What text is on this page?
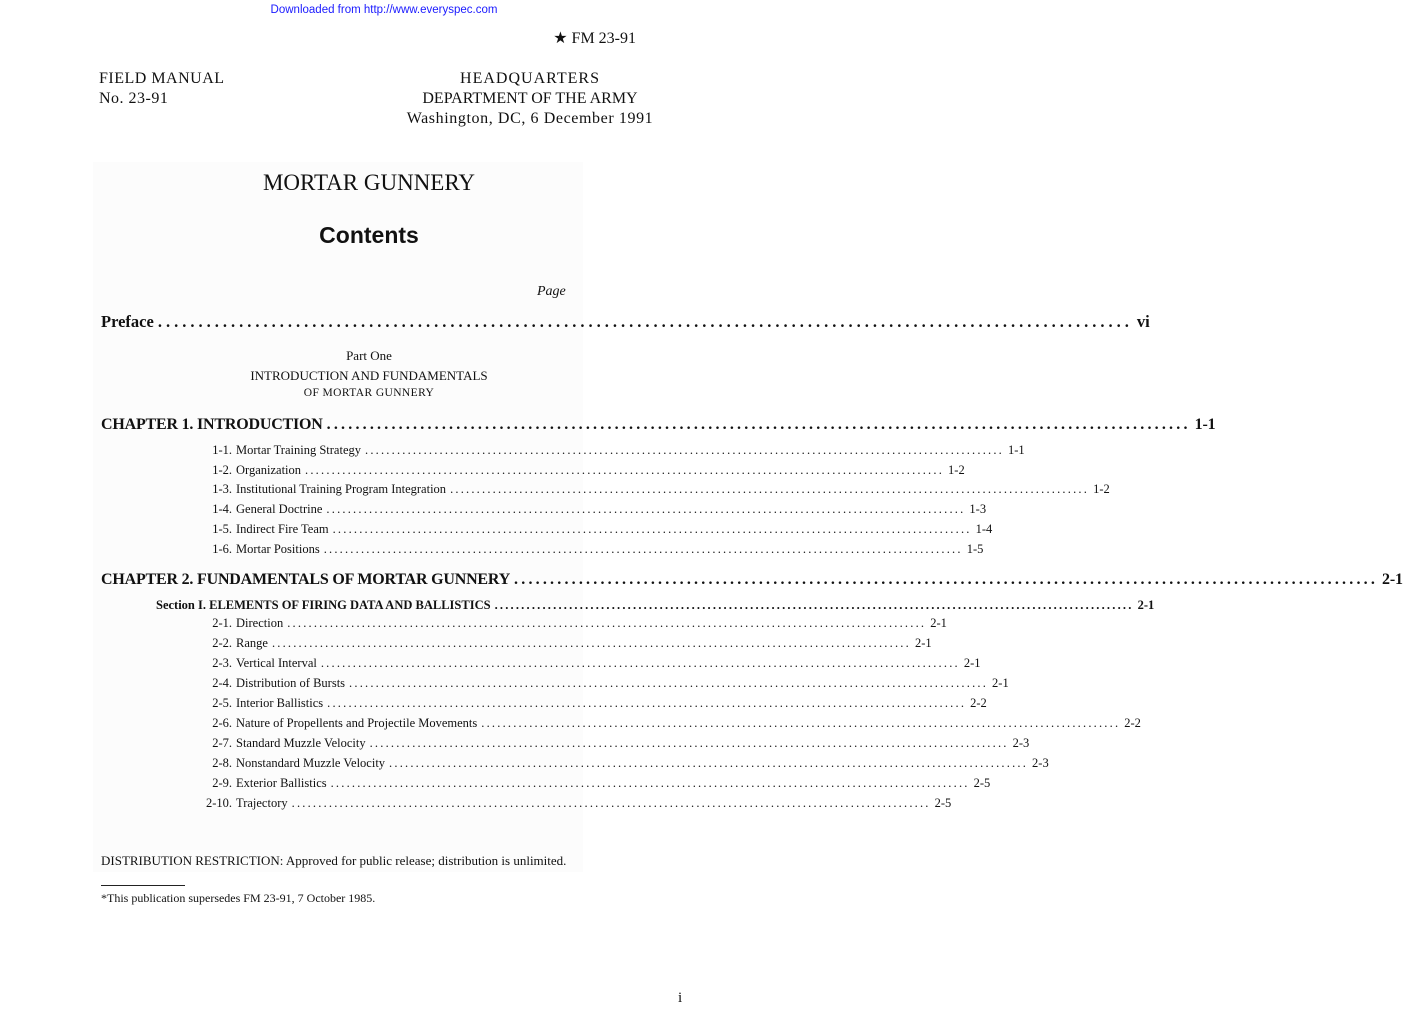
Downloaded from http://www.everyspec.com
★ FM 23-91
FIELD MANUAL
No. 23-91
HEADQUARTERS
DEPARTMENT OF THE ARMY
Washington, DC, 6 December 1991
MORTAR GUNNERY
Contents
Page
Preface ........................................................................................................................ vi
Part One
INTRODUCTION AND FUNDAMENTALS
OF MORTAR GUNNERY
CHAPTER 1. INTRODUCTION ........................................................................................................................ 1-1
1-1. Mortar Training Strategy ........................................................................................................................ 1-1
1-2. Organization ........................................................................................................................ 1-2
1-3. Institutional Training Program Integration ........................................................................................................................ 1-2
1-4. General Doctrine ........................................................................................................................ 1-3
1-5. Indirect Fire Team ........................................................................................................................ 1-4
1-6. Mortar Positions ........................................................................................................................ 1-5
CHAPTER 2. FUNDAMENTALS OF MORTAR GUNNERY ........................................................................................................................ 2-1
Section I. ELEMENTS OF FIRING DATA AND BALLISTICS ........................................................................................................................ 2-1
2-1. Direction ........................................................................................................................ 2-1
2-2. Range ........................................................................................................................ 2-1
2-3. Vertical Interval ........................................................................................................................ 2-1
2-4. Distribution of Bursts ........................................................................................................................ 2-1
2-5. Interior Ballistics ........................................................................................................................ 2-2
2-6. Nature of Propellents and Projectile Movements ........................................................................................................................ 2-2
2-7. Standard Muzzle Velocity ........................................................................................................................ 2-3
2-8. Nonstandard Muzzle Velocity ........................................................................................................................ 2-3
2-9. Exterior Ballistics ........................................................................................................................ 2-5
2-10. Trajectory ........................................................................................................................ 2-5
DISTRIBUTION RESTRICTION: Approved for public release; distribution is unlimited.
*This publication supersedes FM 23-91, 7 October 1985.
i
